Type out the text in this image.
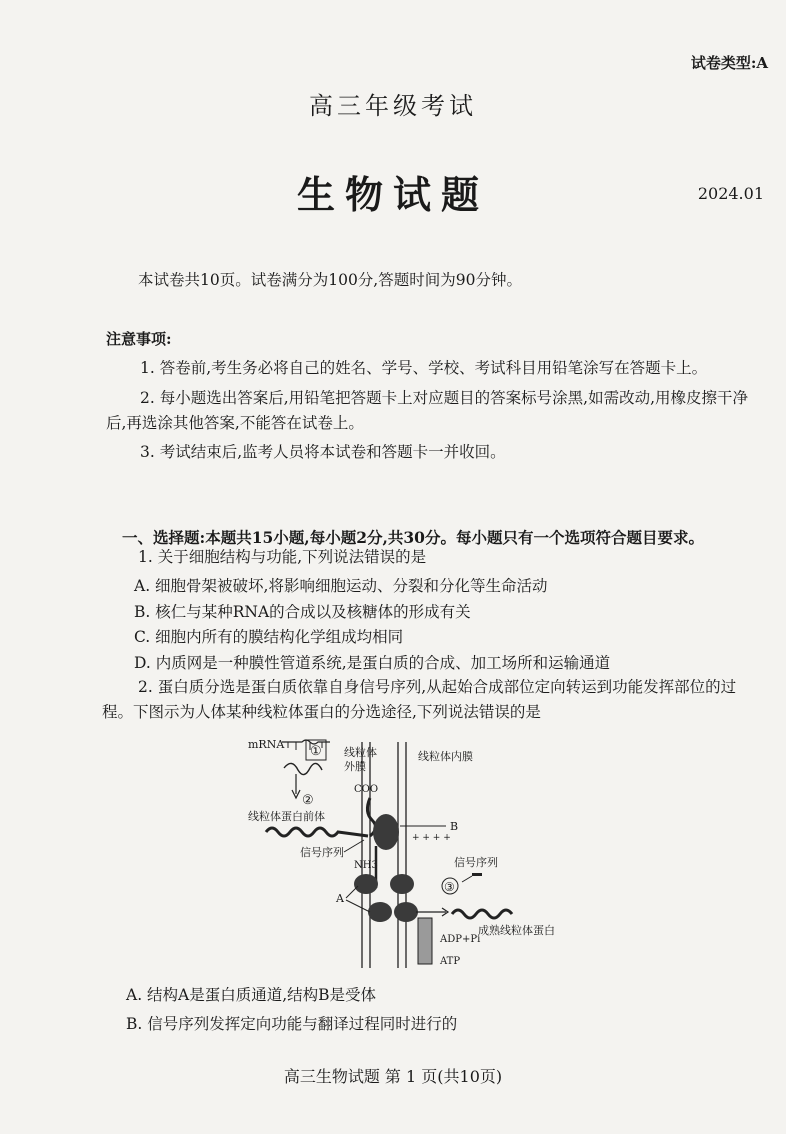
试卷类型:A
高三年级考试
生物试题	2024.01
本试卷共10页。试卷满分为100分,答题时间为90分钟。
注意事项:
1. 答卷前,考生务必将自己的姓名、学号、学校、考试科目用铅笔涂写在答题卡上。
2. 每小题选出答案后,用铅笔把答题卡上对应题目的答案标号涂黑,如需改动,用橡皮擦干净后,再选涂其他答案,不能答在试卷上。
3. 考试结束后,监考人员将本试卷和答题卡一并收回。
一、选择题:本题共15小题,每小题2分,共30分。每小题只有一个选项符合题目要求。
1. 关于细胞结构与功能,下列说法错误的是
A. 细胞骨架被破坏,将影响细胞运动、分裂和分化等生命活动
B. 核仁与某种RNA的合成以及核糖体的形成有关
C. 细胞内所有的膜结构化学组成均相同
D. 内质网是一种膜性管道系统,是蛋白质的合成、加工场所和运输通道
2. 蛋白质分选是蛋白质依靠自身信号序列,从起始合成部位定向转运到功能发挥部位的过程。下图示为人体某种线粒体蛋白的分选途径,下列说法错误的是
mRNA ①
②
线粒体
外膜
线粒体内膜
COO
线粒体蛋白前体
信号序列
B
+ + + +
NH3
A
③
信号序列
成熟线粒体蛋白
ADP+Pi
ATP
A. 结构A是蛋白质通道,结构B是受体
B. 信号序列发挥定向功能与翻译过程同时进行的
高三生物试题 第 1 页(共10页)
